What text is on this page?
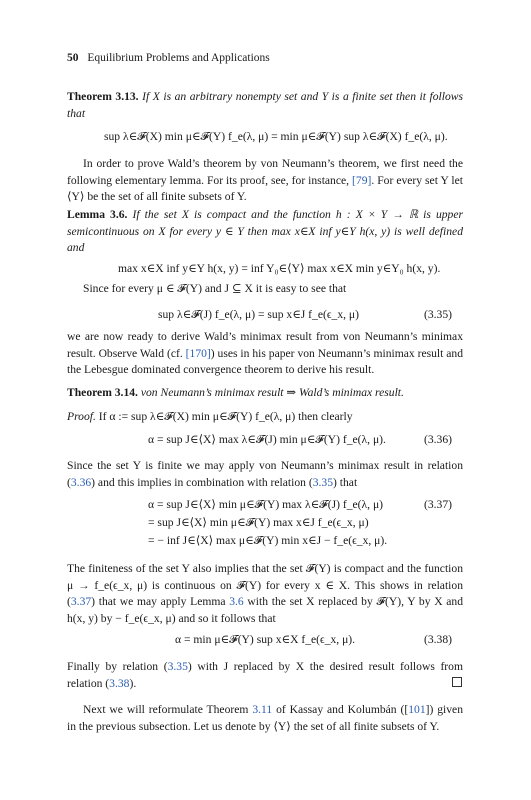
50 Equilibrium Problems and Applications
Theorem 3.13. If X is an arbitrary nonempty set and Y is a finite set then it follows that
sup λ∈𝓕(X) min μ∈𝓕(Y) f_e(λ, μ) = min μ∈𝓕(Y) sup λ∈𝓕(X) f_e(λ, μ).
In order to prove Wald’s theorem by von Neumann’s theorem, we first need the following elementary lemma. For its proof, see, for instance, [79]. For every set Y let ⟨Y⟩ be the set of all finite subsets of Y.
Lemma 3.6. If the set X is compact and the function h : X × Y → ℝ is upper semicontinuous on X for every y ∈ Y then max x∈X inf y∈Y h(x, y) is well defined and
max x∈X inf y∈Y h(x, y) = inf Y₀∈⟨Y⟩ max x∈X min y∈Y₀ h(x, y).
Since for every μ ∈ 𝓕(Y) and J ⊆ X it is easy to see that
sup λ∈𝓕(J) f_e(λ, μ) = sup x∈J f_e(ϵ_x, μ)	(3.35)
we are now ready to derive Wald’s minimax result from von Neumann’s minimax result. Observe Wald (cf. [170]) uses in his paper von Neumann’s minimax result and the Lebesgue dominated convergence theorem to derive his result.
Theorem 3.14. von Neumann’s minimax result ⇒ Wald’s minimax result.
Proof. If α := sup λ∈𝓕(X) min μ∈𝓕(Y) f_e(λ, μ) then clearly
α = sup J∈⟨X⟩ max λ∈𝓕(J) min μ∈𝓕(Y) f_e(λ, μ).	(3.36)
Since the set Y is finite we may apply von Neumann’s minimax result in relation (3.36) and this implies in combination with relation (3.35) that
α = sup J∈⟨X⟩ min μ∈𝓕(Y) max λ∈𝓕(J) f_e(λ, μ)	(3.37)
= sup J∈⟨X⟩ min μ∈𝓕(Y) max x∈J f_e(ϵ_x, μ)
= − inf J∈⟨X⟩ max μ∈𝓕(Y) min x∈J − f_e(ϵ_x, μ).
The finiteness of the set Y also implies that the set 𝓕(Y) is compact and the function μ → f_e(ϵ_x, μ) is continuous on 𝓕(Y) for every x ∈ X. This shows in relation (3.37) that we may apply Lemma 3.6 with the set X replaced by 𝓕(Y), Y by X and h(x, y) by − f_e(ϵ_x, μ) and so it follows that
α = min μ∈𝓕(Y) sup x∈X f_e(ϵ_x, μ).	(3.38)
Finally by relation (3.35) with J replaced by X the desired result follows from relation (3.38).
Next we will reformulate Theorem 3.11 of Kassay and Kolumbán ([101]) given in the previous subsection. Let us denote by ⟨Y⟩ the set of all finite subsets of Y.
